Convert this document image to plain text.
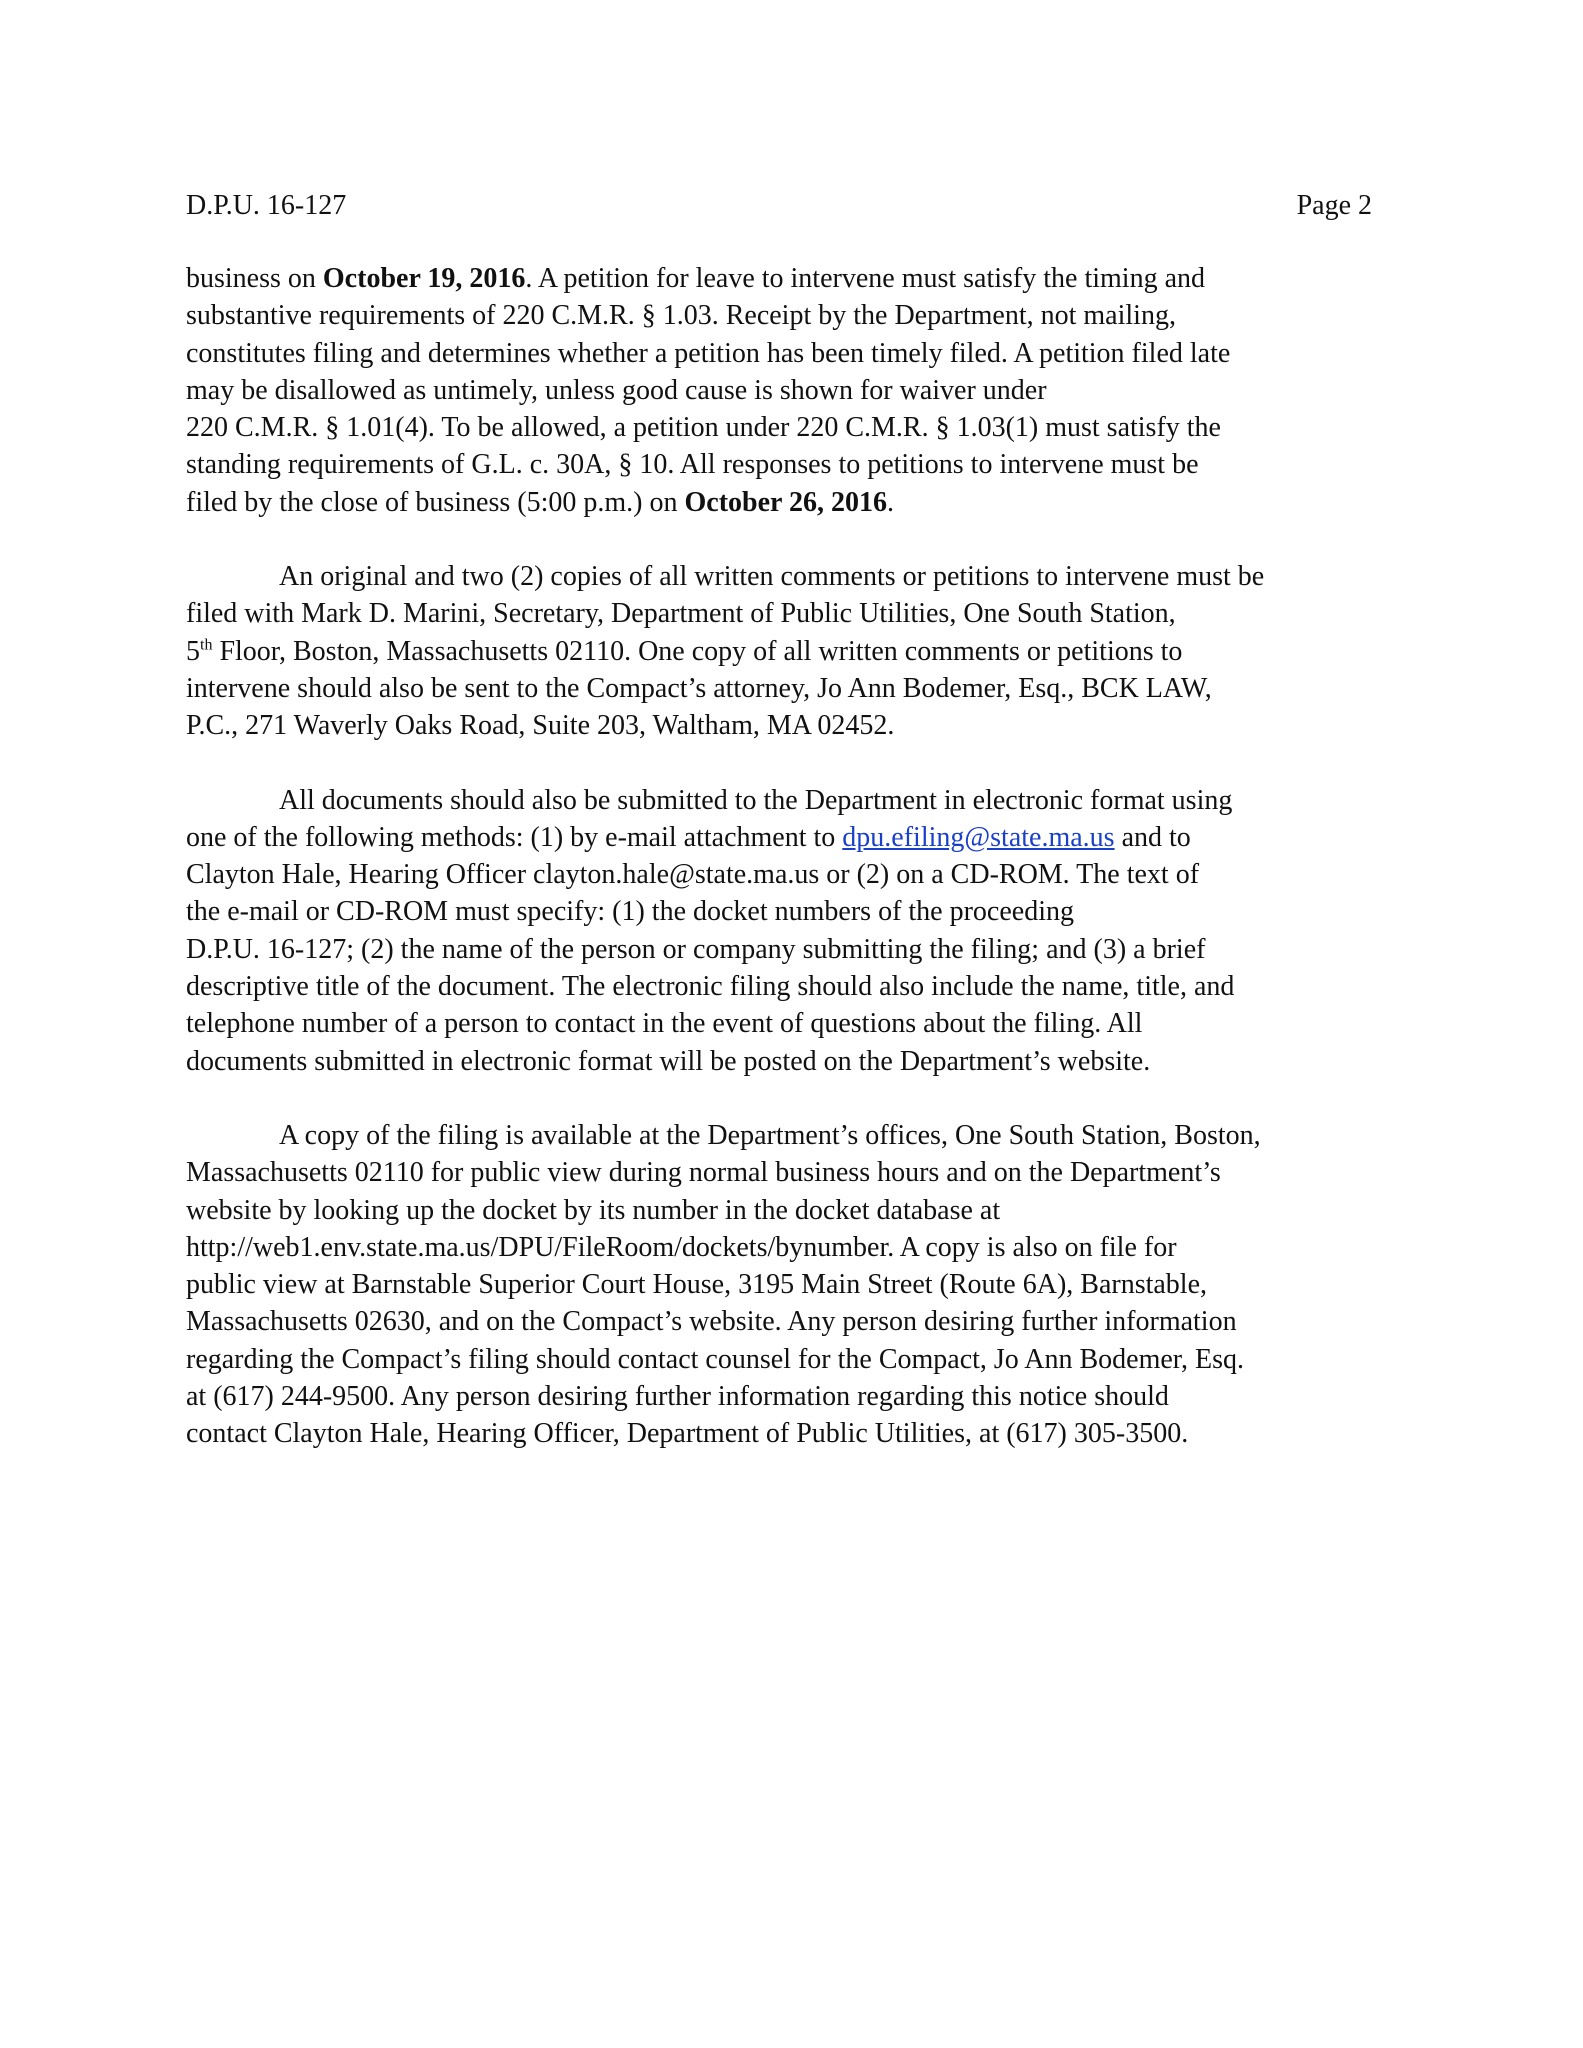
D.P.U. 16-127	Page 2
business on October 19, 2016. A petition for leave to intervene must satisfy the timing and
substantive requirements of 220 C.M.R. § 1.03. Receipt by the Department, not mailing,
constitutes filing and determines whether a petition has been timely filed. A petition filed late
may be disallowed as untimely, unless good cause is shown for waiver under
220 C.M.R. § 1.01(4). To be allowed, a petition under 220 C.M.R. § 1.03(1) must satisfy the
standing requirements of G.L. c. 30A, § 10. All responses to petitions to intervene must be
filed by the close of business (5:00 p.m.) on October 26, 2016.
An original and two (2) copies of all written comments or petitions to intervene must be
filed with Mark D. Marini, Secretary, Department of Public Utilities, One South Station,
5th Floor, Boston, Massachusetts 02110. One copy of all written comments or petitions to
intervene should also be sent to the Compact’s attorney, Jo Ann Bodemer, Esq., BCK LAW,
P.C., 271 Waverly Oaks Road, Suite 203, Waltham, MA 02452.
All documents should also be submitted to the Department in electronic format using
one of the following methods: (1) by e-mail attachment to dpu.efiling@state.ma.us and to
Clayton Hale, Hearing Officer clayton.hale@state.ma.us or (2) on a CD-ROM. The text of
the e-mail or CD-ROM must specify: (1) the docket numbers of the proceeding
D.P.U. 16-127; (2) the name of the person or company submitting the filing; and (3) a brief
descriptive title of the document. The electronic filing should also include the name, title, and
telephone number of a person to contact in the event of questions about the filing. All
documents submitted in electronic format will be posted on the Department’s website.
A copy of the filing is available at the Department’s offices, One South Station, Boston,
Massachusetts 02110 for public view during normal business hours and on the Department’s
website by looking up the docket by its number in the docket database at
http://web1.env.state.ma.us/DPU/FileRoom/dockets/bynumber. A copy is also on file for
public view at Barnstable Superior Court House, 3195 Main Street (Route 6A), Barnstable,
Massachusetts 02630, and on the Compact’s website. Any person desiring further information
regarding the Compact’s filing should contact counsel for the Compact, Jo Ann Bodemer, Esq.
at (617) 244-9500. Any person desiring further information regarding this notice should
contact Clayton Hale, Hearing Officer, Department of Public Utilities, at (617) 305-3500.
